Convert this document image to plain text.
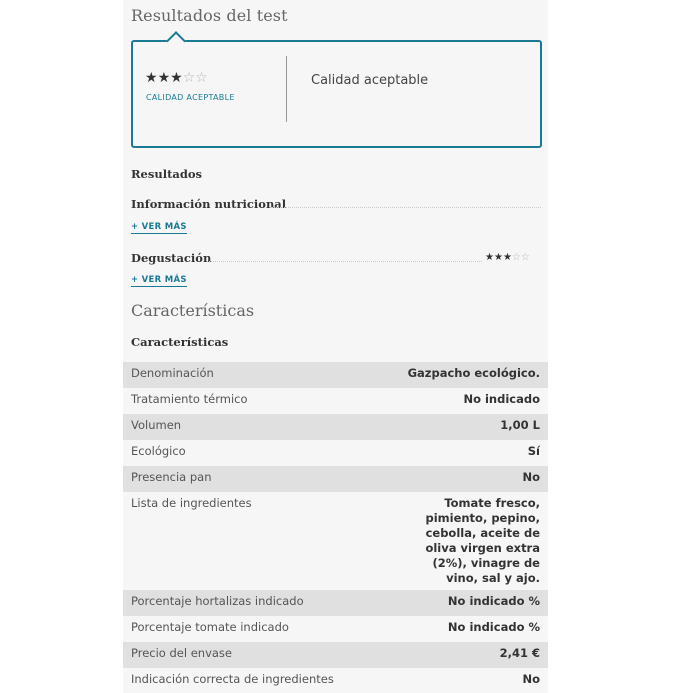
Resultados del test
★★★☆☆
CALIDAD ACEPTABLE
Calidad aceptable
Resultados
Información nutricional
+ VER MÁS
Degustación	★★★☆☆
+ VER MÁS
Características
Características
Denominación	Gazpacho ecológico.
Tratamiento térmico	No indicado
Volumen	1,00 L
Ecológico	Sí
Presencia pan	No
Lista de ingredientes	Tomate fresco, pimiento, pepino, cebolla, aceite de oliva virgen extra (2%), vinagre de vino, sal y ajo.
Porcentaje hortalizas indicado	No indicado %
Porcentaje tomate indicado	No indicado %
Precio del envase	2,41 €
Indicación correcta de ingredientes	No
